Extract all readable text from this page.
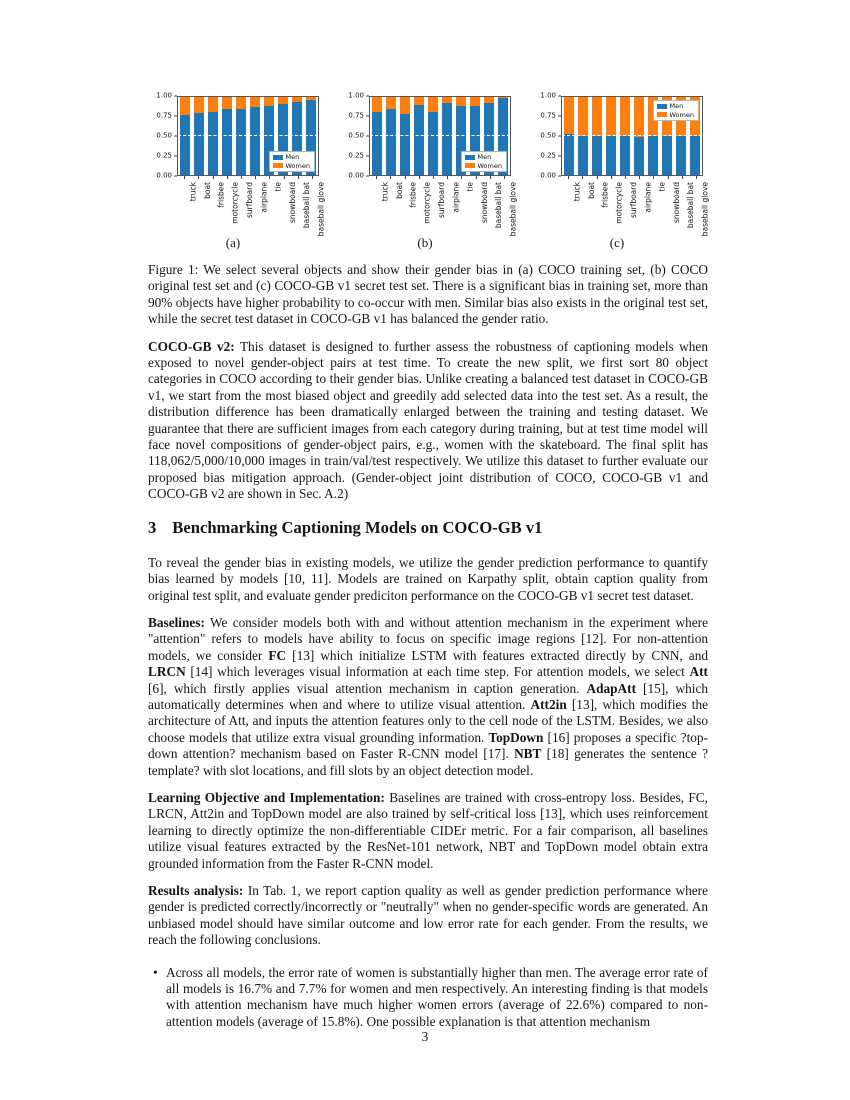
1.00
0.75
0.50
0.25
0.00
Men
Women
truck boat frisbee motorcycle surfboard airplane tie snowboard baseball bat baseball glove
(a)
1.00
0.75
0.50
0.25
0.00
Men
Women
truck boat frisbee motorcycle surfboard airplane tie snowboard baseball bat baseball glove
(b)
1.00
0.75
0.50
0.25
0.00
Men
Women
truck boat frisbee motorcycle surfboard airplane tie snowboard baseball bat baseball glove
(c)

Figure 1: We select several objects and show their gender bias in (a) COCO training set, (b) COCO original test set and (c) COCO-GB v1 secret test set. There is a significant bias in training set, more than 90% objects have higher probability to co-occur with men. Similar bias also exists in the original test set, while the secret test dataset in COCO-GB v1 has balanced the gender ratio.

COCO-GB v2: This dataset is designed to further assess the robustness of captioning models when exposed to novel gender-object pairs at test time. To create the new split, we first sort 80 object categories in COCO according to their gender bias. Unlike creating a balanced test dataset in COCO-GB v1, we start from the most biased object and greedily add selected data into the test set. As a result, the distribution difference has been dramatically enlarged between the training and testing dataset. We guarantee that there are sufficient images from each category during training, but at test time model will face novel compositions of gender-object pairs, e.g., women with the skateboard. The final split has 118,062/5,000/10,000 images in train/val/test respectively. We utilize this dataset to further evaluate our proposed bias mitigation approach. (Gender-object joint distribution of COCO, COCO-GB v1 and COCO-GB v2 are shown in Sec. A.2)

3 Benchmarking Captioning Models on COCO-GB v1

To reveal the gender bias in existing models, we utilize the gender prediction performance to quantify bias learned by models [10, 11]. Models are trained on Karpathy split, obtain caption quality from original test split, and evaluate gender prediciton performance on the COCO-GB v1 secret test dataset.

Baselines: We consider models both with and without attention mechanism in the experiment where "attention" refers to models have ability to focus on specific image regions [12]. For non-attention models, we consider FC [13] which initialize LSTM with features extracted directly by CNN, and LRCN [14] which leverages visual information at each time step. For attention models, we select Att [6], which firstly applies visual attention mechanism in caption generation. AdapAtt [15], which automatically determines when and where to utilize visual attention. Att2in [13], which modifies the architecture of Att, and inputs the attention features only to the cell node of the LSTM. Besides, we also choose models that utilize extra visual grounding information. TopDown [16] proposes a specific ?top-down attention? mechanism based on Faster R-CNN model [17]. NBT [18] generates the sentence ?template? with slot locations, and fill slots by an object detection model.

Learning Objective and Implementation: Baselines are trained with cross-entropy loss. Besides, FC, LRCN, Att2in and TopDown model are also trained by self-critical loss [13], which uses reinforcement learning to directly optimize the non-differentiable CIDEr metric. For a fair comparison, all baselines utilize visual features extracted by the ResNet-101 network, NBT and TopDown model obtain extra grounded information from the Faster R-CNN model.

Results analysis: In Tab. 1, we report caption quality as well as gender prediction performance where gender is predicted correctly/incorrectly or "neutrally" when no gender-specific words are generated. An unbiased model should have similar outcome and low error rate for each gender. From the results, we reach the following conclusions.

• Across all models, the error rate of women is substantially higher than men. The average error rate of all models is 16.7% and 7.7% for women and men respectively. An interesting finding is that models with attention mechanism have much higher women errors (average of 22.6%) compared to non-attention models (average of 15.8%). One possible explanation is that attention mechanism
3
